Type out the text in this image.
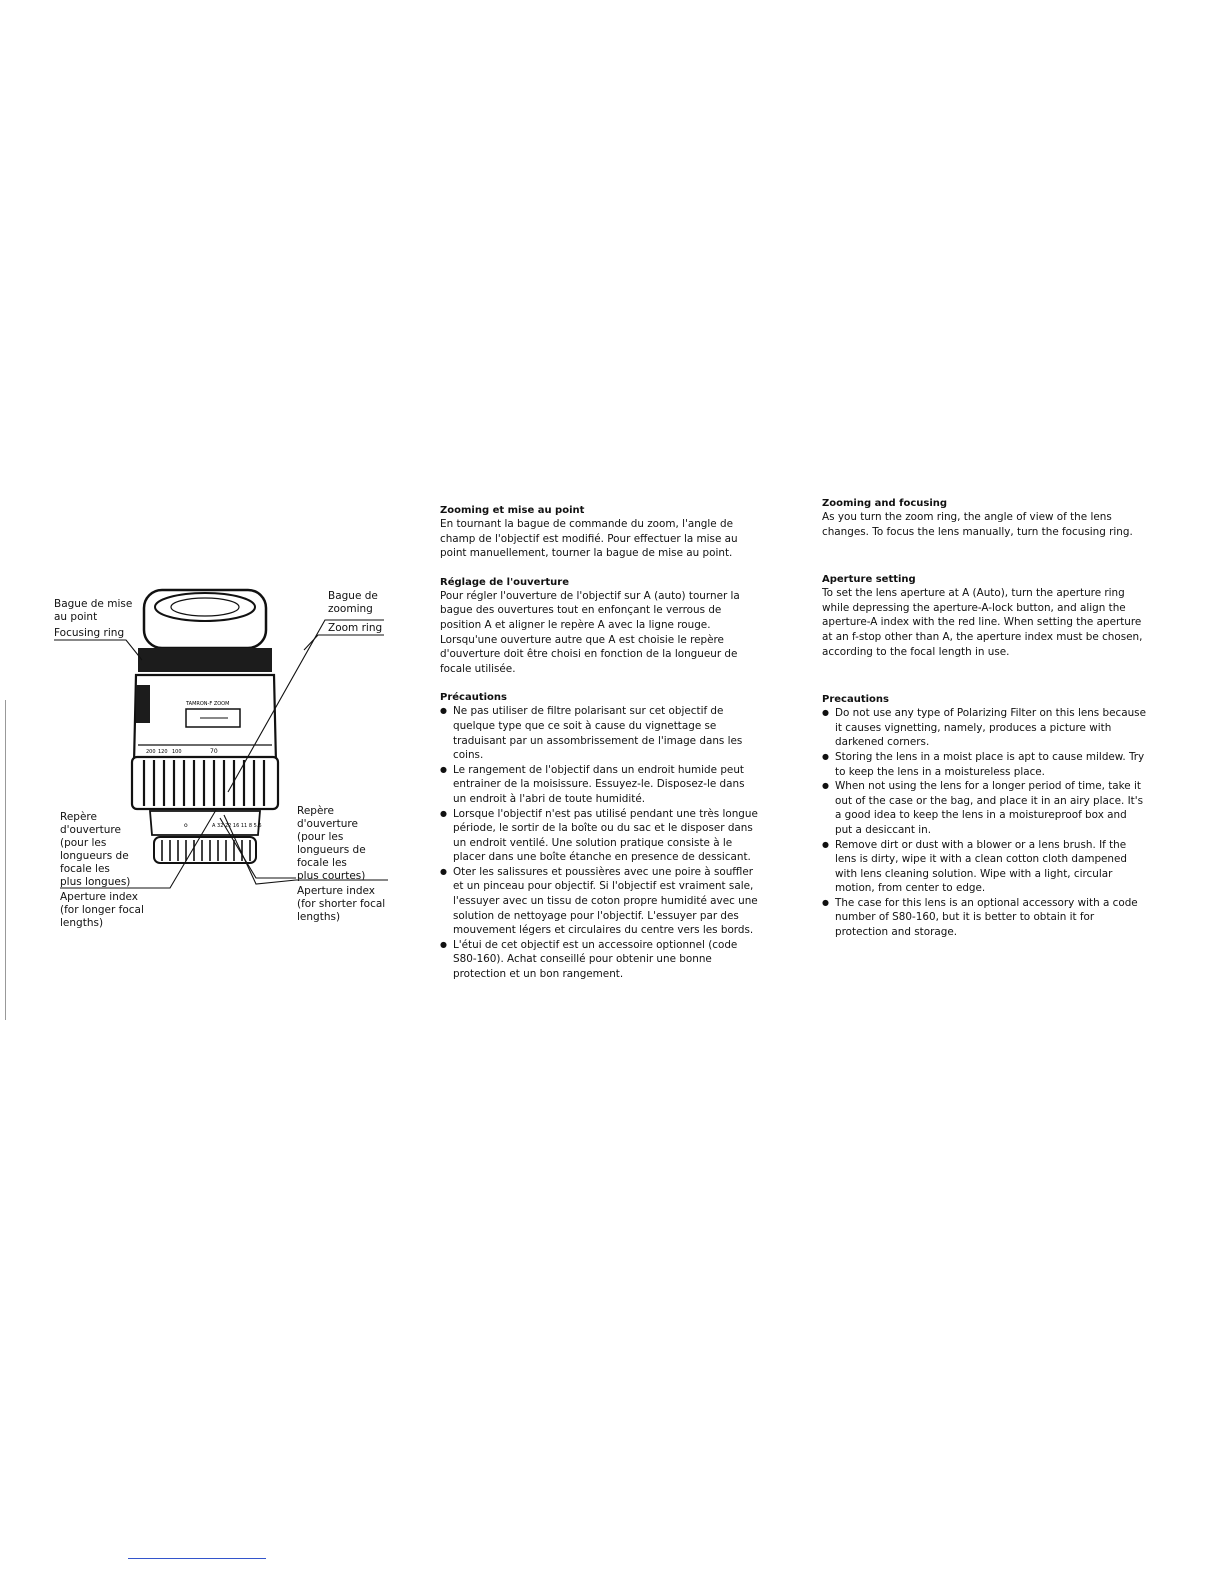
TAMRON-F ZOOM
200 120 100	70
A 32 22 16 11 8 5.6
o
Bague de mise
au point
Focusing ring
Bague de
zooming
Zoom ring
Repère
d'ouverture
(pour les
longueurs de
focale les
plus longues)
Aperture index
(for longer focal
lengths)
Repère
d'ouverture
(pour les
longueurs de
focale les
plus courtes)
Aperture index
(for shorter focal
lengths)
Zooming et mise au point

En tournant la bague de commande du zoom, l'angle de champ de l'objectif est modifié. Pour effectuer la mise au point manuellement, tourner la bague de mise au point.

Réglage de l'ouverture

Pour régler l'ouverture de l'objectif sur A (auto) tourner la bague des ouvertures tout en enfonçant le verrous de position A et aligner le repère A avec la ligne rouge. Lorsqu'une ouverture autre que A est choisie le repère d'ouverture doit être choisi en fonction de la longueur de focale utilisée.

Précautions
● Ne pas utiliser de filtre polarisant sur cet objectif de quelque type que ce soit à cause du vignettage se traduisant par un assombrissement de l'image dans les coins.
● Le rangement de l'objectif dans un endroit humide peut entrainer de la moisissure. Essuyez-le. Disposez-le dans un endroit à l'abri de toute humidité.
● Lorsque l'objectif n'est pas utilisé pendant une très longue période, le sortir de la boîte ou du sac et le disposer dans un endroit ventilé. Une solution pratique consiste à le placer dans une boîte étanche en presence de dessicant.
● Oter les salissures et poussières avec une poire à souffler et un pinceau pour objectif. Si l'objectif est vraiment sale, l'essuyer avec un tissu de coton propre humidité avec une solution de nettoyage pour l'objectif. L'essuyer par des mouvement légers et circulaires du centre vers les bords.
● L'étui de cet objectif est un accessoire optionnel (code S80-160). Achat conseillé pour obtenir une bonne protection et un bon rangement.
Zooming and focusing

As you turn the zoom ring, the angle of view of the lens changes. To focus the lens manually, turn the focusing ring.

Aperture setting

To set the lens aperture at A (Auto), turn the aperture ring while depressing the aperture-A-lock button, and align the aperture-A index with the red line. When setting the aperture at an f-stop other than A, the aperture index must be chosen, according to the focal length in use.

Precautions
● Do not use any type of Polarizing Filter on this lens because it causes vignetting, namely, produces a picture with darkened corners.
● Storing the lens in a moist place is apt to cause mildew. Try to keep the lens in a moistureless place.
● When not using the lens for a longer period of time, take it out of the case or the bag, and place it in an airy place. It's a good idea to keep the lens in a moistureproof box and put a desiccant in.
● Remove dirt or dust with a blower or a lens brush. If the lens is dirty, wipe it with a clean cotton cloth dampened with lens cleaning solution. Wipe with a light, circular motion, from center to edge.
● The case for this lens is an optional accessory with a code number of S80-160, but it is better to obtain it for protection and storage.
